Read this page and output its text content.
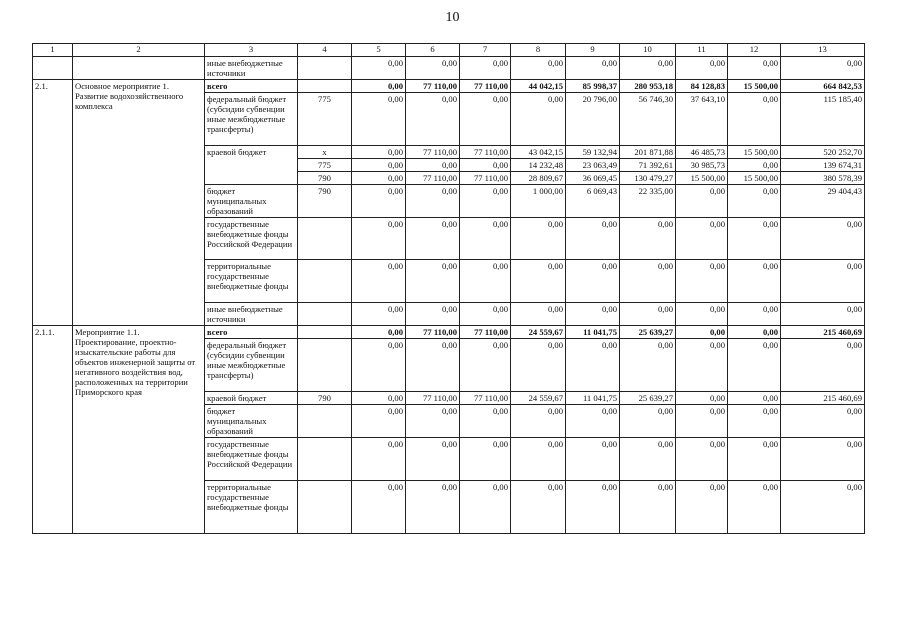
10
1	2	3	4	5	6	7	8	9	10	11	12	13
		иные внебюджетные источники		0,00	0,00	0,00	0,00	0,00	0,00	0,00	0,00	0,00
2.1.	Основное мероприятие 1. Развитие водохозяйственного комплекса	всего		0,00	77 110,00	77 110,00	44 042,15	85 998,37	280 953,18	84 128,83	15 500,00	664 842,53
		федеральный бюджет (субсидии субвенции иные межбюджетные трансферты)	775	0,00	0,00	0,00	0,00	20 796,00	56 746,30	37 643,10	0,00	115 185,40
		краевой бюджет	х	0,00	77 110,00	77 110,00	43 042,15	59 132,94	201 871,88	46 485,73	15 500,00	520 252,70
			775	0,00	0,00	0,00	14 232,48	23 063,49	71 392,61	30 985,73	0,00	139 674,31
			790	0,00	77 110,00	77 110,00	28 809,67	36 069,45	130 479,27	15 500,00	15 500,00	380 578,39
		бюджет муниципальных образований	790	0,00	0,00	0,00	1 000,00	6 069,43	22 335,00	0,00	0,00	29 404,43
		государственные внебюджетные фонды Российской Федерации		0,00	0,00	0,00	0,00	0,00	0,00	0,00	0,00	0,00
		территориальные государственные внебюджетные фонды		0,00	0,00	0,00	0,00	0,00	0,00	0,00	0,00	0,00
		иные внебюджетные источники		0,00	0,00	0,00	0,00	0,00	0,00	0,00	0,00	0,00
2.1.1.	Мероприятие 1.1. Проектирование, проектно-изыскательские работы для объектов инженерной защиты от негативного воздействия вод, расположенных на территории Приморского края	всего		0,00	77 110,00	77 110,00	24 559,67	11 041,75	25 639,27	0,00	0,00	215 460,69
		федеральный бюджет (субсидии субвенции иные межбюджетные трансферты)		0,00	0,00	0,00	0,00	0,00	0,00	0,00	0,00	0,00
		краевой бюджет	790	0,00	77 110,00	77 110,00	24 559,67	11 041,75	25 639,27	0,00	0,00	215 460,69
		бюджет муниципальных образований		0,00	0,00	0,00	0,00	0,00	0,00	0,00	0,00	0,00
		государственные внебюджетные фонды Российской Федерации		0,00	0,00	0,00	0,00	0,00	0,00	0,00	0,00	0,00
		территориальные государственные внебюджетные фонды		0,00	0,00	0,00	0,00	0,00	0,00	0,00	0,00	0,00
